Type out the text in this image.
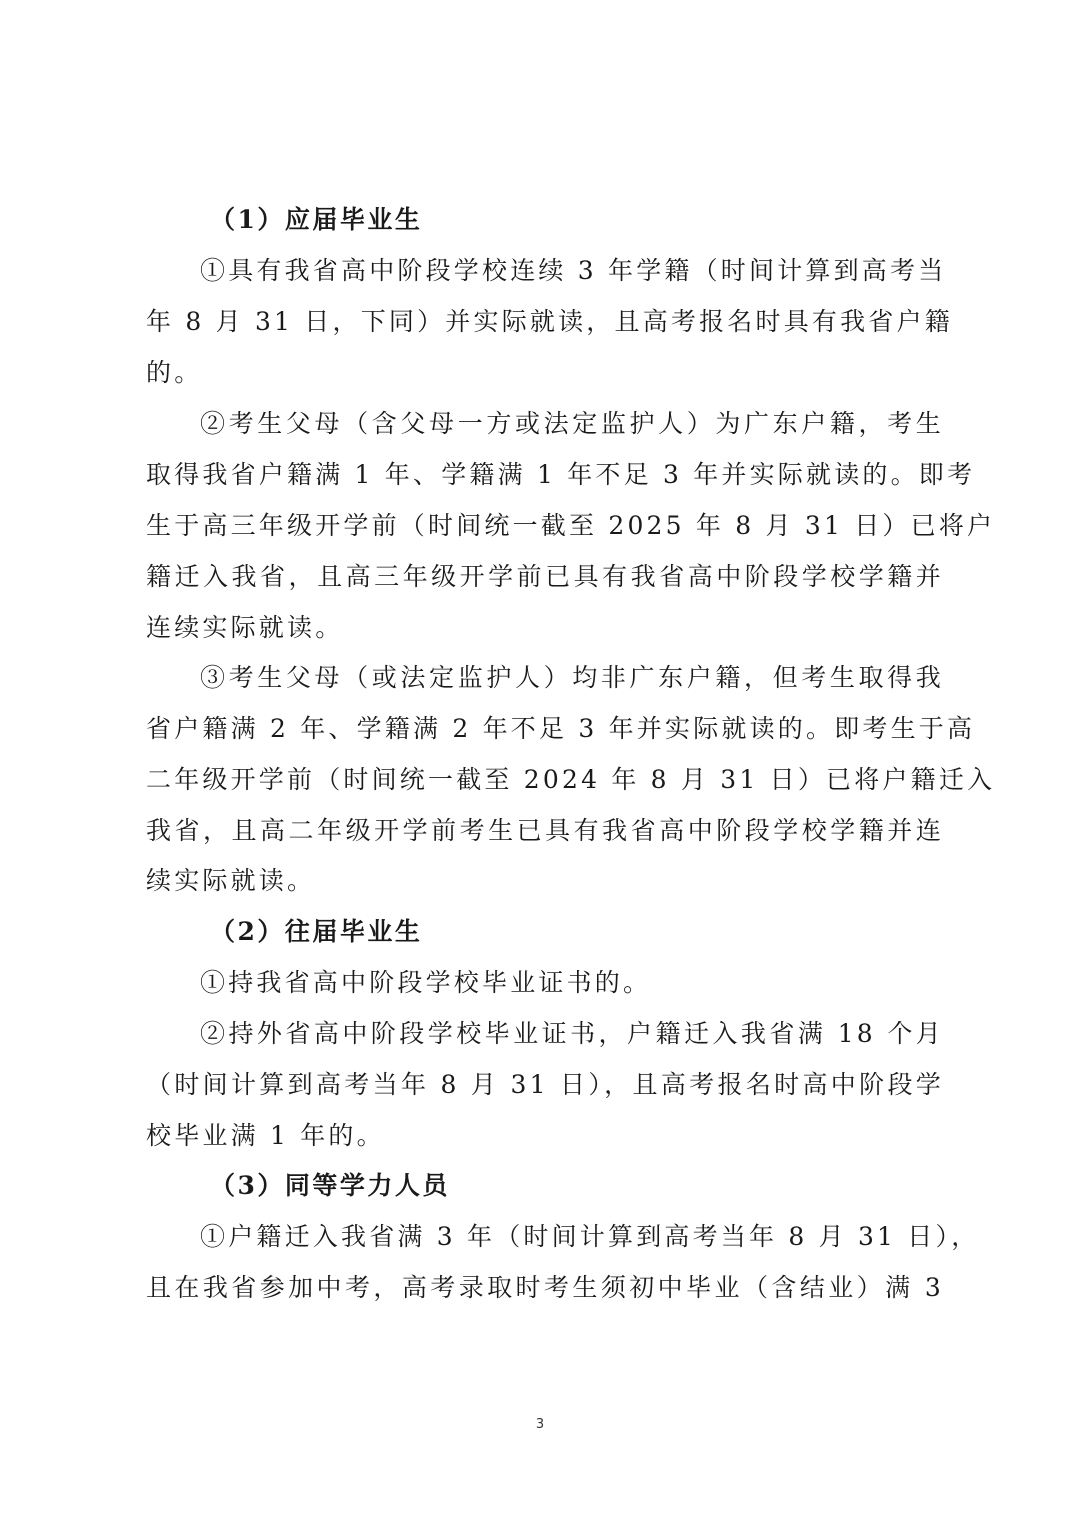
（1）应届毕业生
①具有我省高中阶段学校连续 3 年学籍（时间计算到高考当
年 8 月 31 日，下同）并实际就读，且高考报名时具有我省户籍
的。
②考生父母（含父母一方或法定监护人）为广东户籍，考生
取得我省户籍满 1 年、学籍满 1 年不足 3 年并实际就读的。即考
生于高三年级开学前（时间统一截至 2025 年 8 月 31 日）已将户
籍迁入我省，且高三年级开学前已具有我省高中阶段学校学籍并
连续实际就读。
③考生父母（或法定监护人）均非广东户籍，但考生取得我
省户籍满 2 年、学籍满 2 年不足 3 年并实际就读的。即考生于高
二年级开学前（时间统一截至 2024 年 8 月 31 日）已将户籍迁入
我省，且高二年级开学前考生已具有我省高中阶段学校学籍并连
续实际就读。
（2）往届毕业生
①持我省高中阶段学校毕业证书的。
②持外省高中阶段学校毕业证书，户籍迁入我省满 18 个月
（时间计算到高考当年 8 月 31 日），且高考报名时高中阶段学
校毕业满 1 年的。
（3）同等学力人员
①户籍迁入我省满 3 年（时间计算到高考当年 8 月 31 日），
且在我省参加中考，高考录取时考生须初中毕业（含结业）满 3
3
